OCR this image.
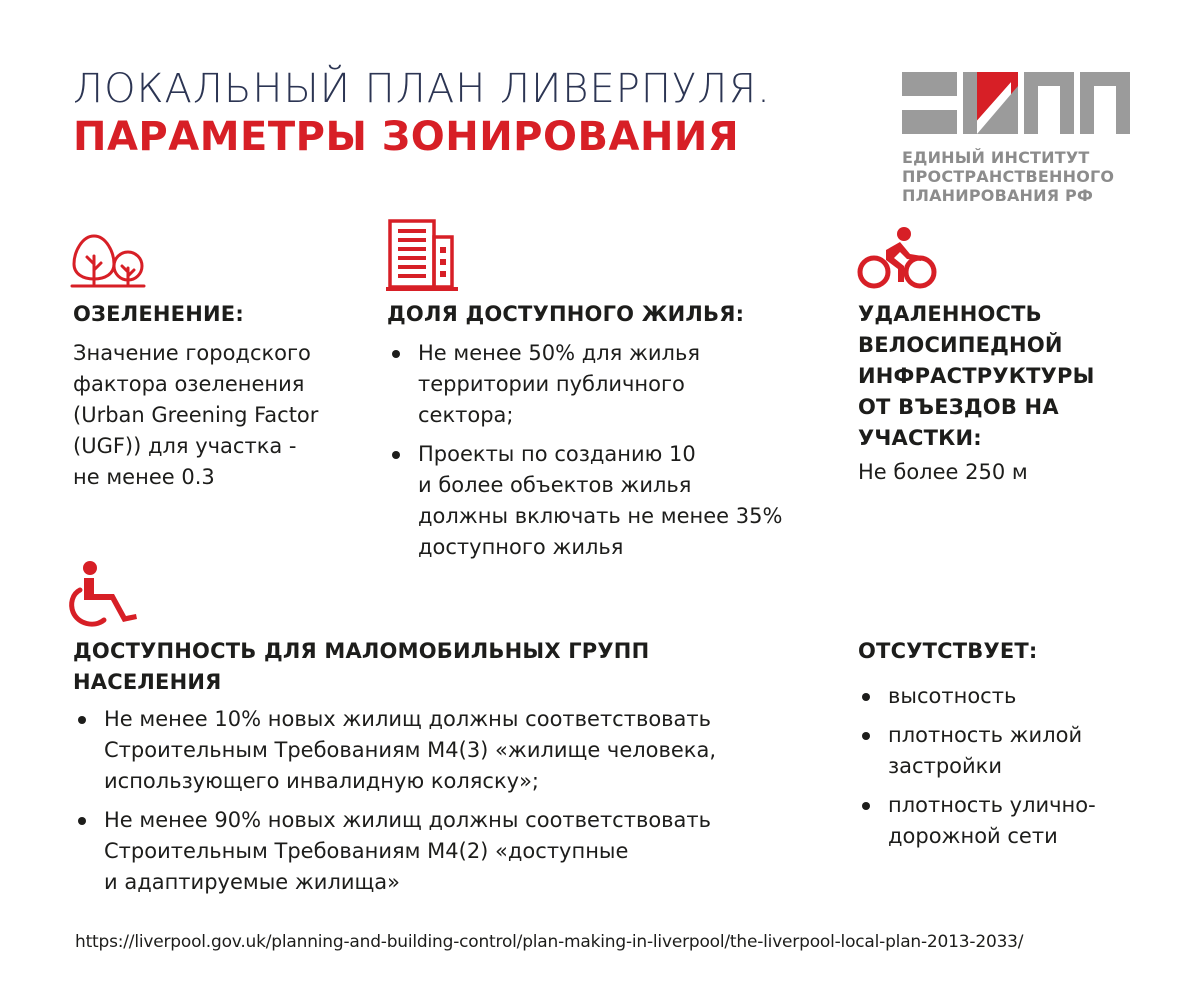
ЛОКАЛЬНЫЙ ПЛАН ЛИВЕРПУЛЯ.
ПАРАМЕТРЫ ЗОНИРОВАНИЯ	ЕДИНЫЙ ИНСТИТУТ
ПРОСТРАНСТВЕННОГО
ПЛАНИРОВАНИЯ РФ
ОЗЕЛЕНЕНИЕ:
Значение городского
фактора озеленения
(Urban Greening Factor
(UGF)) для участка -
не менее 0.3
ДОЛЯ ДОСТУПНОГО ЖИЛЬЯ:
Не менее 50% для жилья
территории публичного
сектора;
Проекты по созданию 10
и более объектов жилья
должны включать не менее 35%
доступного жилья
УДАЛЕННОСТЬ
ВЕЛОСИПЕДНОЙ
ИНФРАСТРУКТУРЫ
ОТ ВЪЕЗДОВ НА
УЧАСТКИ:
Не более 250 м
ДОСТУПНОСТЬ ДЛЯ МАЛОМОБИЛЬНЫХ ГРУПП
НАСЕЛЕНИЯ
Не менее 10% новых жилищ должны соответствовать
Строительным Требованиям M4(3) «жилище человека,
использующего инвалидную коляску»;
Не менее 90% новых жилищ должны соответствовать
Строительным Требованиям M4(2) «доступные
и адаптируемые жилища»
ОТСУТСТВУЕТ:
высотность
плотность жилой
застройки
плотность улично-
дорожной сети
https://liverpool.gov.uk/planning-and-building-control/plan-making-in-liverpool/the-liverpool-local-plan-2013-2033/
